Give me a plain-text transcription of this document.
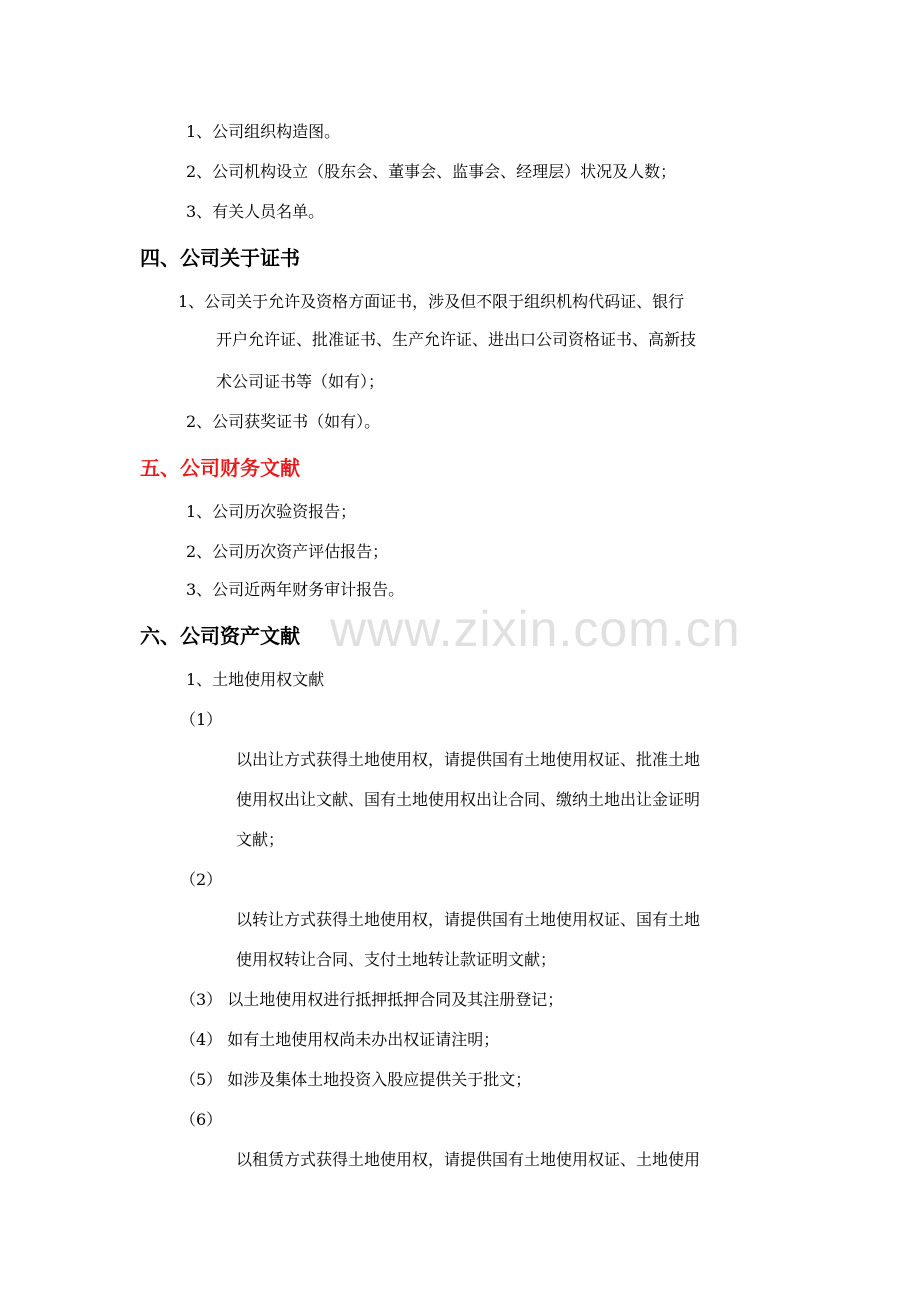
www.zixin.com.cn
1、公司组织构造图。
2、公司机构设立（股东会、董事会、监事会、经理层）状况及人数；
3、有关人员名单。
四、公司关于证书
1、公司关于允许及资格方面证书，涉及但不限于组织机构代码证、银行
开户允许证、批准证书、生产允许证、进出口公司资格证书、高新技
术公司证书等（如有）；
2、公司获奖证书（如有）。
五、公司财务文献
1、公司历次验资报告；
2、公司历次资产评估报告；
3、公司近两年财务审计报告。
六、公司资产文献
1、土地使用权文献
（1）
以出让方式获得土地使用权，请提供国有土地使用权证、批准土地
使用权出让文献、国有土地使用权出让合同、缴纳土地出让金证明
文献；
（2）
以转让方式获得土地使用权，请提供国有土地使用权证、国有土地
使用权转让合同、支付土地转让款证明文献；
（3） 以土地使用权进行抵押抵押合同及其注册登记；
（4） 如有土地使用权尚未办出权证请注明；
（5） 如涉及集体土地投资入股应提供关于批文；
（6）
以租赁方式获得土地使用权，请提供国有土地使用权证、土地使用
